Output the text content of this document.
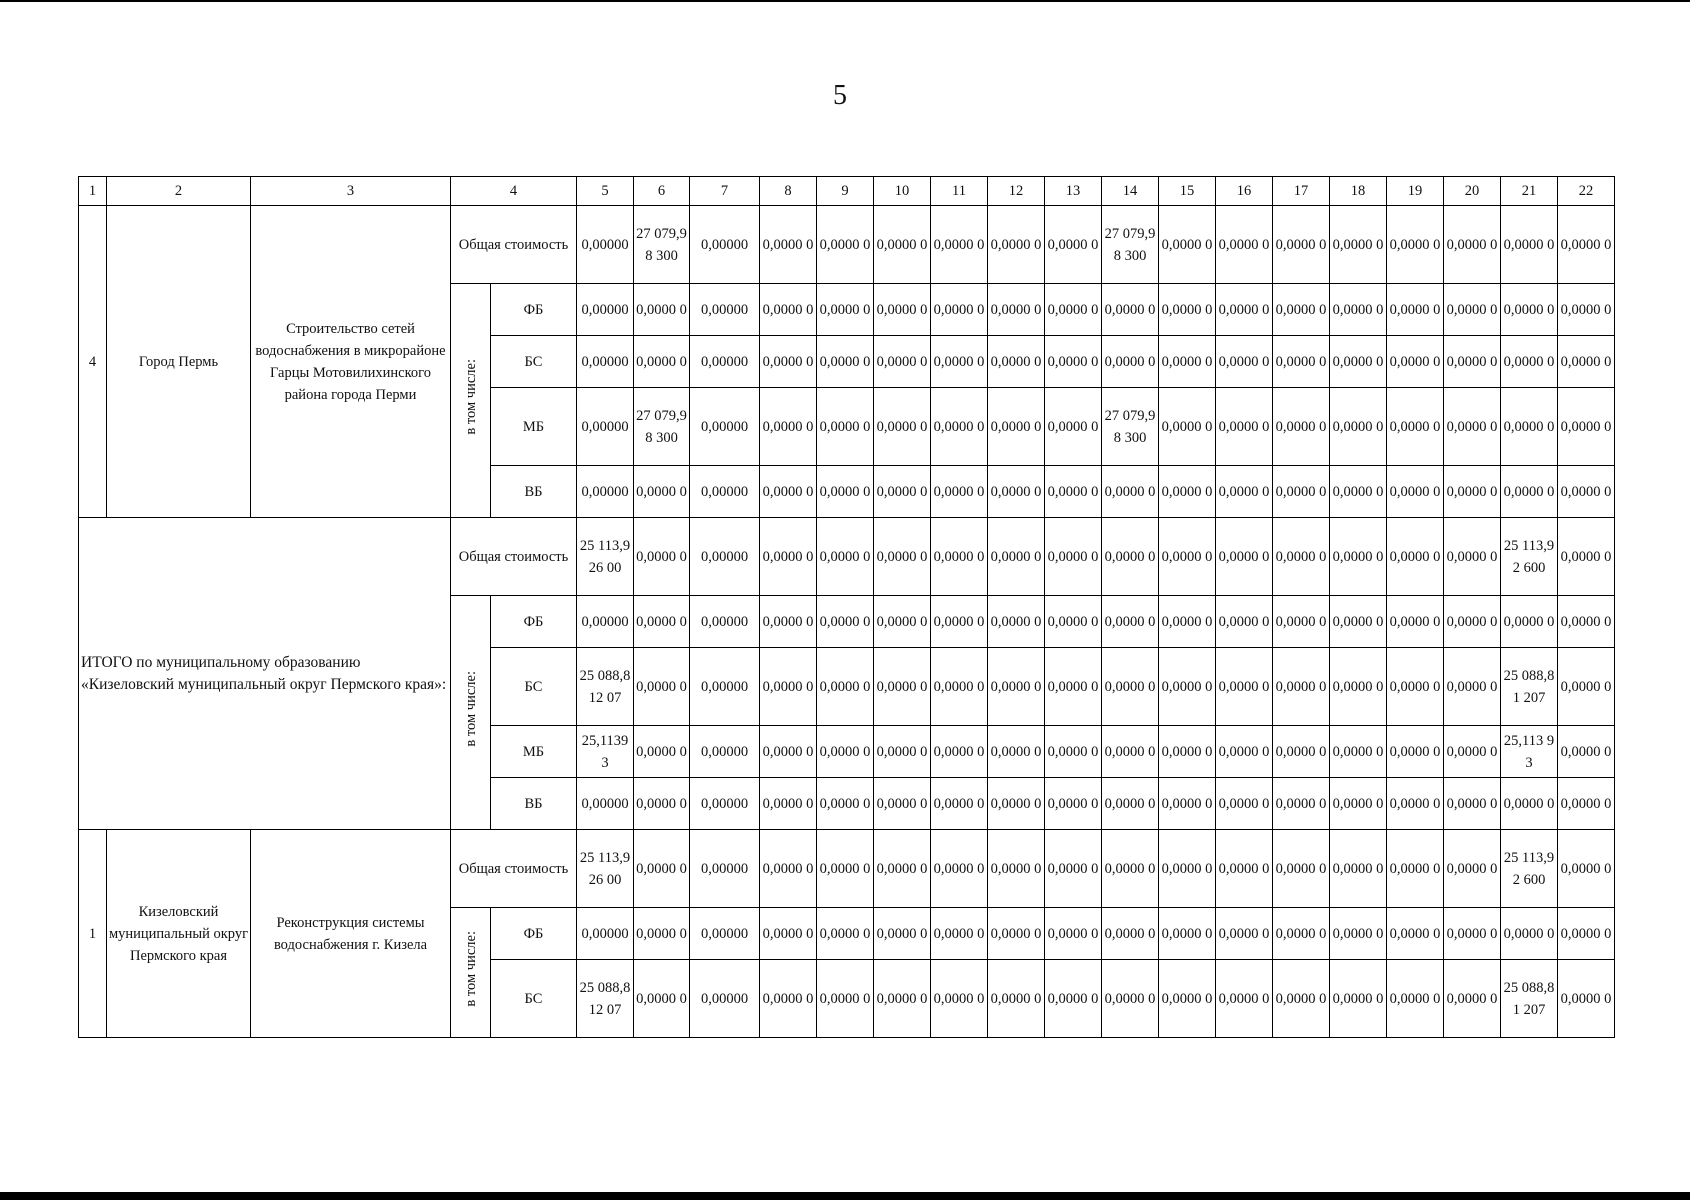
5
1	2	3	4		5	6	7	8	9	10	11	12	13	14	15	16	17	18	19	20	21	22
4	Город Пермь	Строительство сетей водоснабжения в микрорайоне Гарцы Мотовилихинского района города Перми	Общая стоимость		0,00000	27 079,98 300	0,00000	0,0000 0	0,0000 0	0,0000 0	0,0000 0	0,0000 0	0,0000 0	27 079,98 300	0,0000 0	0,0000 0	0,0000 0	0,0000 0	0,0000 0	0,0000 0	0,0000 0	0,0000 0
			в том числе:	ФБ	0,00000	0,0000 0	0,00000	0,0000 0	0,0000 0	0,0000 0	0,0000 0	0,0000 0	0,0000 0	0,0000 0	0,0000 0	0,0000 0	0,0000 0	0,0000 0	0,0000 0	0,0000 0	0,0000 0	0,0000 0
				БС	0,00000	0,0000 0	0,00000	0,0000 0	0,0000 0	0,0000 0	0,0000 0	0,0000 0	0,0000 0	0,0000 0	0,0000 0	0,0000 0	0,0000 0	0,0000 0	0,0000 0	0,0000 0	0,0000 0	0,0000 0
				МБ	0,00000	27 079,98 300	0,00000	0,0000 0	0,0000 0	0,0000 0	0,0000 0	0,0000 0	0,0000 0	27 079,98 300	0,0000 0	0,0000 0	0,0000 0	0,0000 0	0,0000 0	0,0000 0	0,0000 0	0,0000 0
				ВБ	0,00000	0,0000 0	0,00000	0,0000 0	0,0000 0	0,0000 0	0,0000 0	0,0000 0	0,0000 0	0,0000 0	0,0000 0	0,0000 0	0,0000 0	0,0000 0	0,0000 0	0,0000 0	0,0000 0	0,0000 0
ИТОГО по муниципальному образованию «Кизеловский муниципальный округ Пермского края»:			Общая стоимость		25 113,926 00	0,0000 0	0,00000	0,0000 0	0,0000 0	0,0000 0	0,0000 0	0,0000 0	0,0000 0	0,0000 0	0,0000 0	0,0000 0	0,0000 0	0,0000 0	0,0000 0	0,0000 0	25 113,92 600	0,0000 0
			в том числе:	ФБ	0,00000	0,0000 0	0,00000	0,0000 0	0,0000 0	0,0000 0	0,0000 0	0,0000 0	0,0000 0	0,0000 0	0,0000 0	0,0000 0	0,0000 0	0,0000 0	0,0000 0	0,0000 0	0,0000 0	0,0000 0
				БС	25 088,812 07	0,0000 0	0,00000	0,0000 0	0,0000 0	0,0000 0	0,0000 0	0,0000 0	0,0000 0	0,0000 0	0,0000 0	0,0000 0	0,0000 0	0,0000 0	0,0000 0	0,0000 0	25 088,81 207	0,0000 0
				МБ	25,1139 3	0,0000 0	0,00000	0,0000 0	0,0000 0	0,0000 0	0,0000 0	0,0000 0	0,0000 0	0,0000 0	0,0000 0	0,0000 0	0,0000 0	0,0000 0	0,0000 0	0,0000 0	25,113 93	0,0000 0
				ВБ	0,00000	0,0000 0	0,00000	0,0000 0	0,0000 0	0,0000 0	0,0000 0	0,0000 0	0,0000 0	0,0000 0	0,0000 0	0,0000 0	0,0000 0	0,0000 0	0,0000 0	0,0000 0	0,0000 0	0,0000 0
1	Кизеловский муниципальный округ Пермского края	Реконструкция системы водоснабжения г. Кизела	Общая стоимость		25 113,926 00	0,0000 0	0,00000	0,0000 0	0,0000 0	0,0000 0	0,0000 0	0,0000 0	0,0000 0	0,0000 0	0,0000 0	0,0000 0	0,0000 0	0,0000 0	0,0000 0	0,0000 0	25 113,92 600	0,0000 0
			в том числе:	ФБ	0,00000	0,0000 0	0,00000	0,0000 0	0,0000 0	0,0000 0	0,0000 0	0,0000 0	0,0000 0	0,0000 0	0,0000 0	0,0000 0	0,0000 0	0,0000 0	0,0000 0	0,0000 0	0,0000 0	0,0000 0
				БС	25 088,812 07	0,0000 0	0,00000	0,0000 0	0,0000 0	0,0000 0	0,0000 0	0,0000 0	0,0000 0	0,0000 0	0,0000 0	0,0000 0	0,0000 0	0,0000 0	0,0000 0	0,0000 0	25 088,81 207	0,0000 0
